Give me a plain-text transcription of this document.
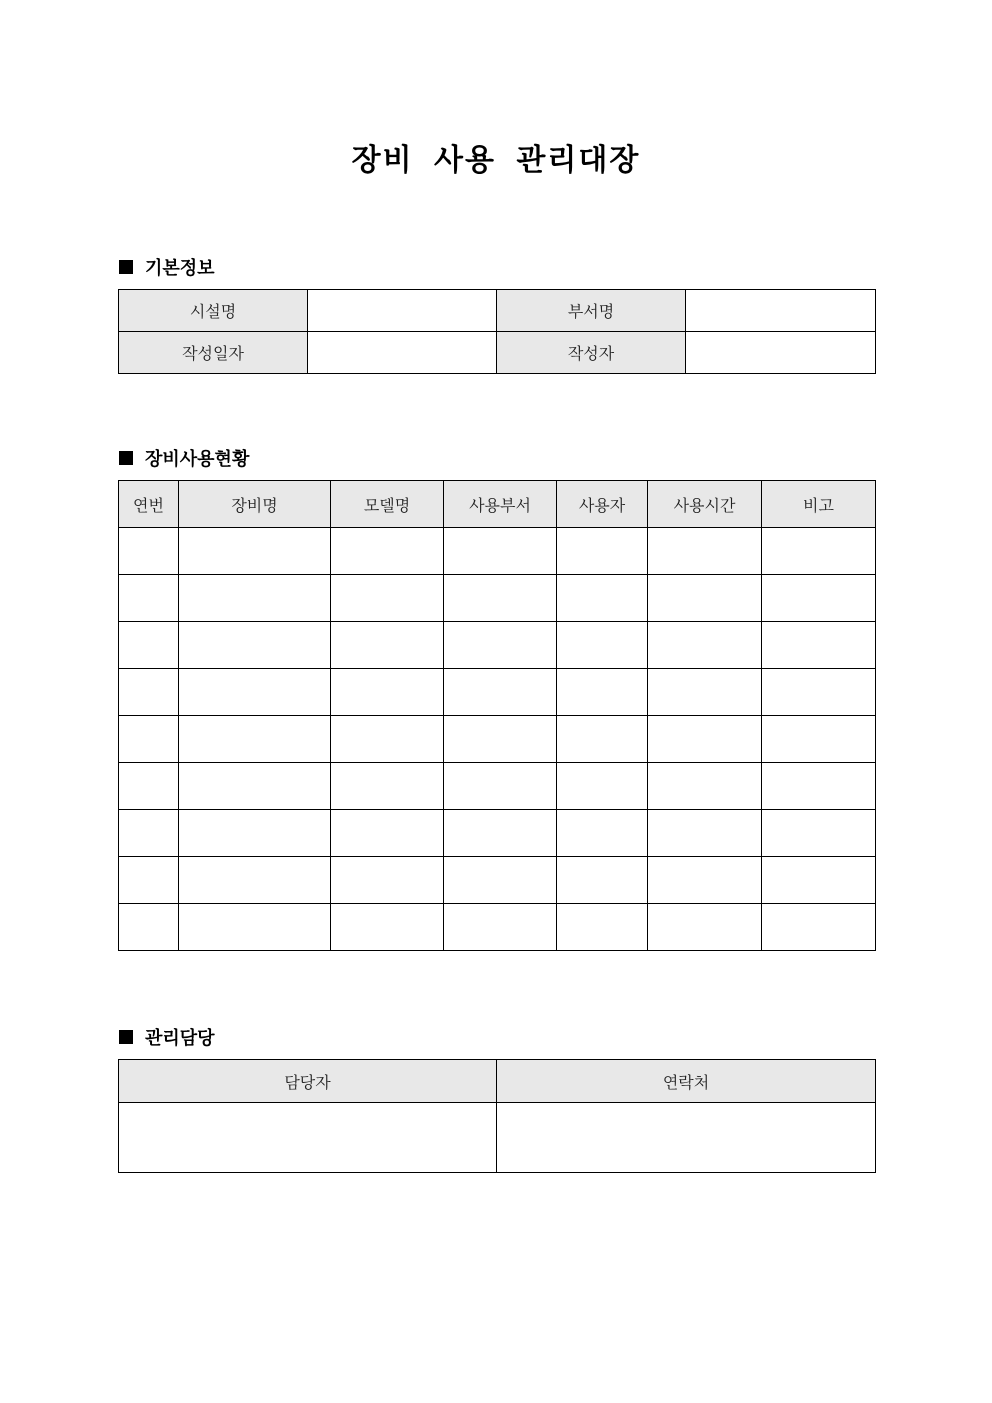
장비 사용 관리대장
기본정보
시설명		부서명	
작성일자		작성자	
장비사용현황
연번	장비명	모델명	사용부서	사용자	사용시간	비고

관리담당
담당자	연락처
